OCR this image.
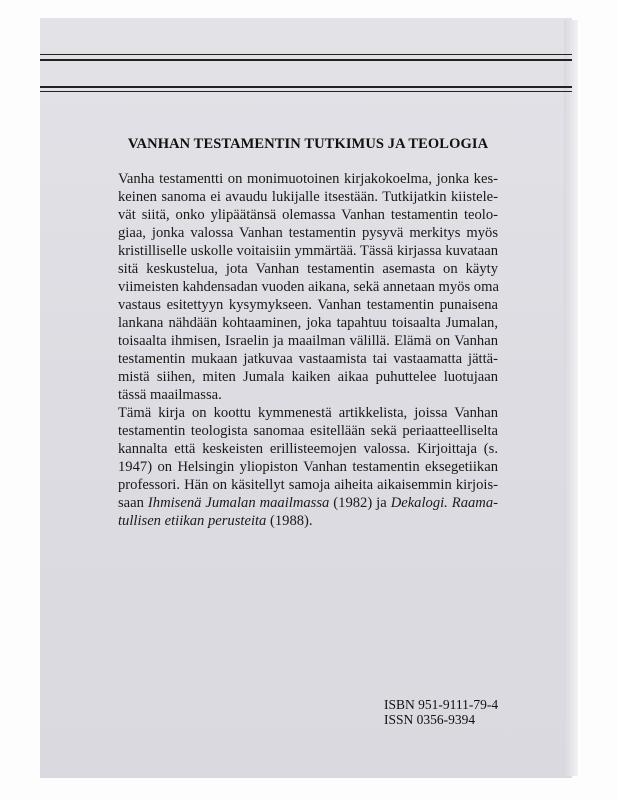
VANHAN TESTAMENTIN TUTKIMUS JA TEOLOGIA
Vanha testamentti on monimuotoinen kirjakokoelma, jonka kes-
keinen sanoma ei avaudu lukijalle itsestään. Tutkijatkin kiistele-
vät siitä, onko ylipäätänsä olemassa Vanhan testamentin teolo-
giaa, jonka valossa Vanhan testamentin pysyvä merkitys myös
kristilliselle uskolle voitaisiin ymmärtää. Tässä kirjassa kuvataan
sitä keskustelua, jota Vanhan testamentin asemasta on käyty
viimeisten kahdensadan vuoden aikana, sekä annetaan myös oma
vastaus esitettyyn kysymykseen. Vanhan testamentin punaisena
lankana nähdään kohtaaminen, joka tapahtuu toisaalta Jumalan,
toisaalta ihmisen, Israelin ja maailman välillä. Elämä on Vanhan
testamentin mukaan jatkuvaa vastaamista tai vastaamatta jättä-
mistä siihen, miten Jumala kaiken aikaa puhuttelee luotujaan
tässä maailmassa.
Tämä kirja on koottu kymmenestä artikkelista, joissa Vanhan
testamentin teologista sanomaa esitellään sekä periaatteelliselta
kannalta että keskeisten erillisteemojen valossa. Kirjoittaja (s.
1947) on Helsingin yliopiston Vanhan testamentin eksegetiikan
professori. Hän on käsitellyt samoja aiheita aikaisemmin kirjois-
saan Ihmisenä Jumalan maailmassa (1982) ja Dekalogi. Raama-
tullisen etiikan perusteita (1988).
ISBN 951-9111-79-4
ISSN 0356-9394
